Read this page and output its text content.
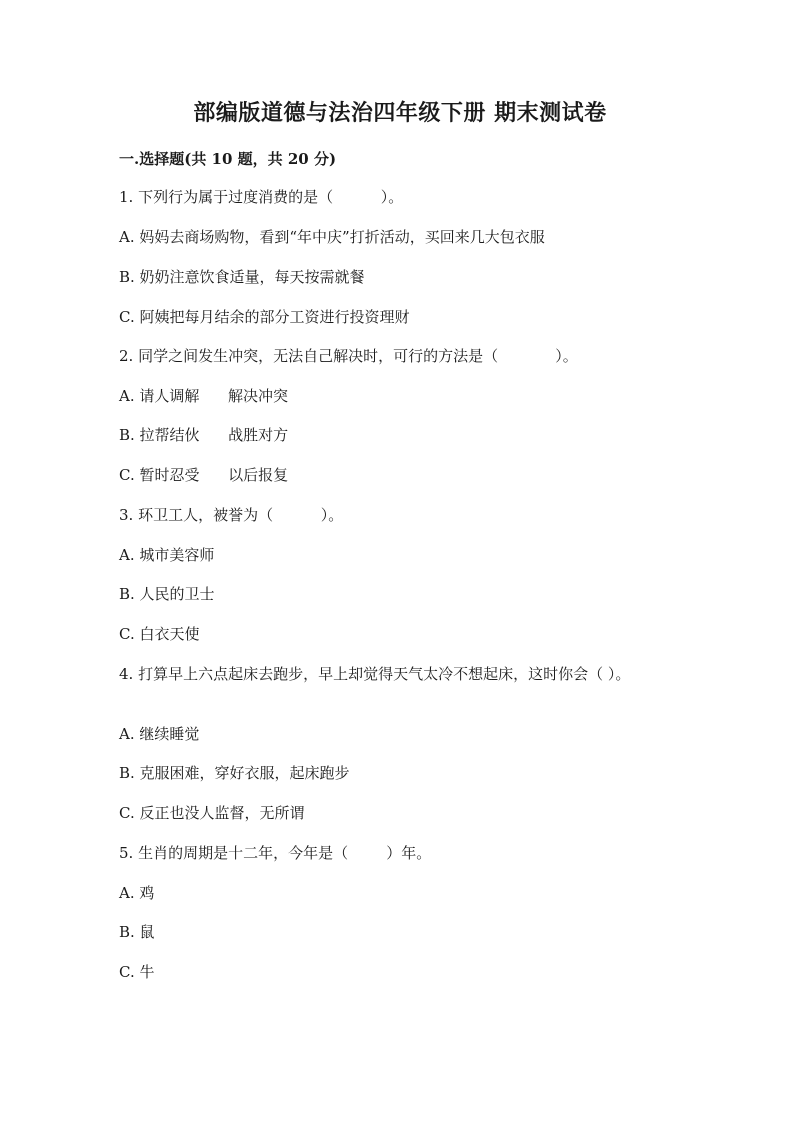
部编版道德与法治四年级下册 期末测试卷
一.选择题(共 10 题，共 20 分)
1. 下列行为属于过度消费的是（          ）。
A. 妈妈去商场购物，看到“年中庆”打折活动，买回来几大包衣服
B. 奶奶注意饮食适量，每天按需就餐
C. 阿姨把每月结余的部分工资进行投资理财
2. 同学之间发生冲突，无法自己解决时，可行的方法是（            ）。
A. 请人调解      解决冲突
B. 拉帮结伙      战胜对方
C. 暂时忍受      以后报复
3. 环卫工人，被誉为（          ）。
A. 城市美容师
B. 人民的卫士
C. 白衣天使
4. 打算早上六点起床去跑步，早上却觉得天气太冷不想起床，这时你会（ ）。
A. 继续睡觉
B. 克服困难，穿好衣服，起床跑步
C. 反正也没人监督，无所谓
5. 生肖的周期是十二年，今年是（        ）年。
A. 鸡
B. 鼠
C. 牛
